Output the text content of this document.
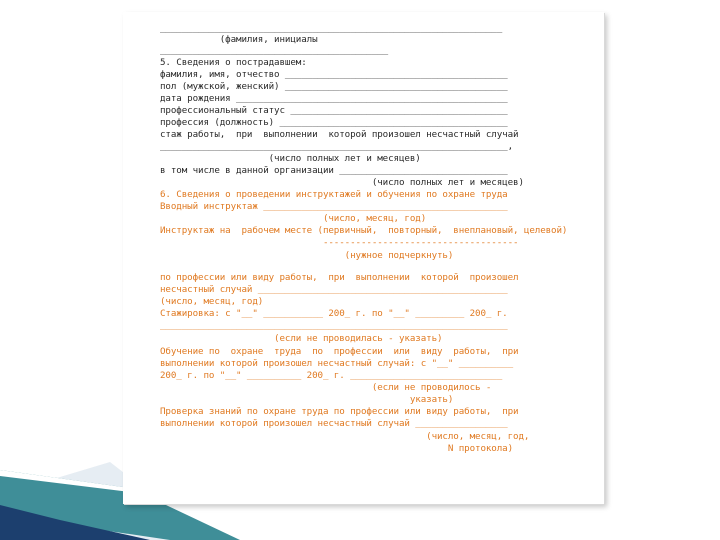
_______________________________________________________________
(фамилия, инициалы
__________________________________________
5. Сведения о пострадавшем:
фамилия, имя, отчество _________________________________________
пол (мужской, женский) _________________________________________
дата рождения __________________________________________________
профессиональный статус ________________________________________
профессия (должность) __________________________________________
стаж работы,  при  выполнении  которой произошел несчастный случай
________________________________________________________________,
(число полных лет и месяцев)
в том числе в данной организации _______________________________
(число полных лет и месяцев)
6. Сведения о проведении инструктажей и обучения по охране труда
Вводный инструктаж _____________________________________________
(число, месяц, год)
Инструктаж на  рабочем месте (первичный,  повторный,  внеплановый, целевой)
------------------------------------
(нужное подчеркнуть)
по профессии или виду работы,  при  выполнении  которой  произошел
несчастный случай ______________________________________________
(число, месяц, год)
Стажировка: с "__" ___________ 200_ г. по "__" _________ 200_ г.
________________________________________________________________
(если не проводилась - указать)
Обучение по  охране  труда  по  профессии  или  виду  работы,  при
выполнении которой произошел несчастный случай: с "__" __________
200_ г. по "__" __________ 200_ г. ____________________________
(если не проводилось -
указать)
Проверка знаний по охране труда по профессии или виду работы,  при
выполнении которой произошел несчастный случай _________________
(число, месяц, год,
N протокола)
